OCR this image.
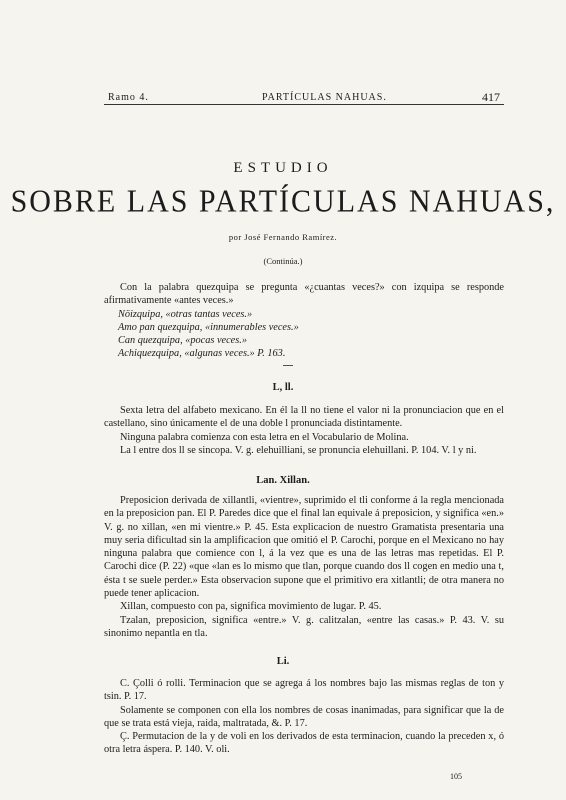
Ramo 4.	PARTÍCULAS NAHUAS.	417
ESTUDIO
SOBRE LAS PARTÍCULAS NAHUAS,
por José Fernando Ramírez.
(Continúa.)

Con la palabra quezquipa se pregunta «¿cuantas veces?» con izquipa se responde afirmativamente «antes veces.»

Nöizquipa, «otras tantas veces.»
Amo pan quezquipa, «innumerables veces.»
Can quezquipa, «pocas veces.»
Achiquezquipa, «algunas veces.» P. 163.
L, ll.

Sexta letra del alfabeto mexicano. En él la ll no tiene el valor ni la pronunciacion que en el castellano, sino únicamente el de una doble l pronunciada distintamente.

Ninguna palabra comienza con esta letra en el Vocabulario de Molina.

La l entre dos ll se sincopa. V. g. elehuilliani, se pronuncia elehuillani. P. 104. V. l y ni.

Lan. Xillan.

Preposicion derivada de xillantli, «vientre», suprimido el tli conforme á la regla mencionada en la preposicion pan. El P. Paredes dice que el final lan equivale á preposicion, y significa «en.» V. g. no xillan, «en mi vientre.» P. 45. Esta explicacion de nuestro Gramatista presentaria una muy seria dificultad sin la amplificacion que omitió el P. Carochi, porque en el Mexicano no hay ninguna palabra que comience con l, á la vez que es una de las letras mas repetidas. El P. Carochi dice (P. 22) «que «lan es lo mismo que tlan, porque cuando dos ll cogen en medio una t, ésta t se suele perder.» Esta observacion supone que el primitivo era xitlantli; de otra manera no puede tener aplicacion.

Xillan, compuesto con pa, significa movimiento de lugar. P. 45.

Tzalan, preposicion, significa «entre.» V. g. calitzalan, «entre las casas.» P. 43. V. su sinonimo nepantla en tla.

Li.

C. Çolli ó rolli. Terminacion que se agrega á los nombres bajo las mismas reglas de ton y tsin. P. 17.

Solamente se componen con ella los nombres de cosas inanimadas, para significar que la de que se trata está vieja, raida, maltratada, &. P. 17.

Ç. Permutacion de la y de voli en los derivados de esta terminacion, cuando la preceden x, ó otra letra áspera. P. 140. V. oli.

105
